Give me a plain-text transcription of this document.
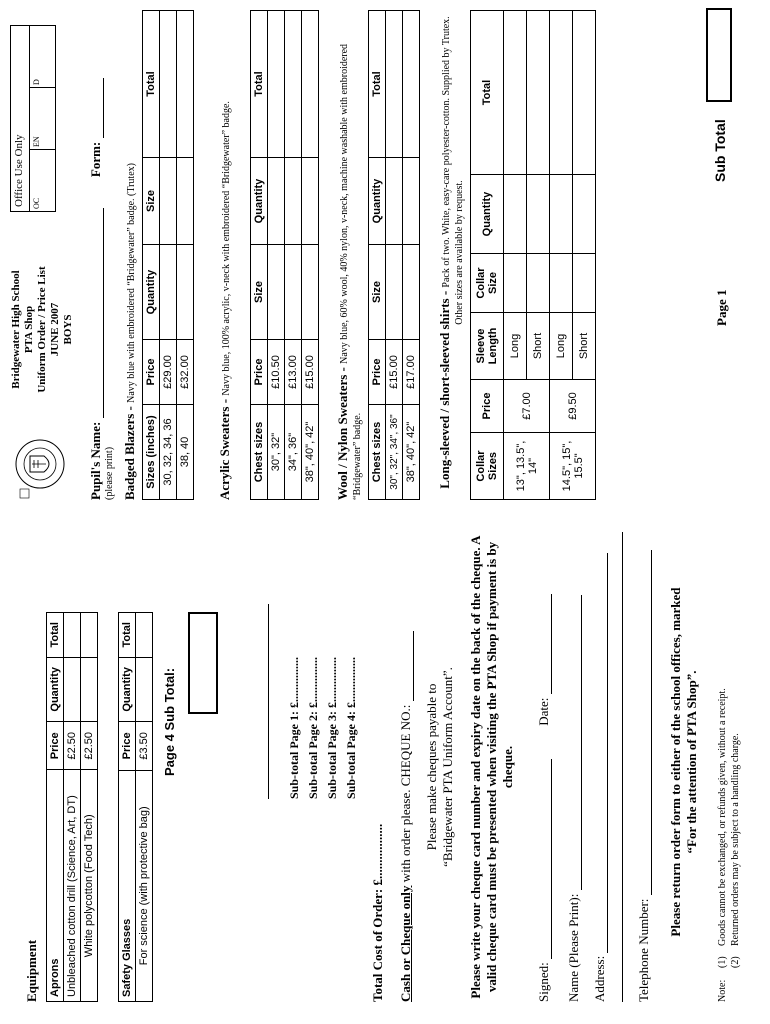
Equipment Aprons	Price	Quantity	Total
Unbleached cotton drill (Science, Art, DT)	£2.50		
White polycotton (Food Tech)	£2.50		
Safety Glasses	Price	Quantity	Total
For science (with protective bag)	£3.50		Page 4 Sub Total:	Sub-total Page 1: £............... Sub-total Page 2: £............... Sub-total Page 3: £............... Sub-total Page 4: £...............
Total Cost of Order: £................. Cash or Cheque only with order please. CHEQUE NO.: Please make cheques payable to “Bridgewater PTA Uniform Account”. Please write your cheque card number and expiry date on the back of the cheque. A valid cheque card must be presented when visiting the PTA Shop if payment is by cheque.
Signed:  Date:
Name (Please Print): Address: Telephone Number:
Please return order form to either of the school offices, marked “For the attention of PTA Shop”.
Note:(1)Goods cannot be exchanged, or refunds given, without a receipt.
(2)Returned orders may be subject to a handling charge.
Bridgewater High School PTA Shop Uniform Order / Price List JUNE 2007 BOYS
Office Use Only OC
EN
D
Pupil's Name:  Form:
(please print) Badged Blazers - Navy blue with embroidered “Bridgewater” badge. (Trutex)
Sizes (inches)	Price	Quantity	Size	Total
30, 32, 34, 36	£29.00			
38, 40	£32.00			
Acrylic Sweaters - Navy blue, 100% acrylic, v-neck with embroidered “Bridgewater” badge.
Chest sizes	Price	Size	Quantity	Total
30", 32"	£10.50			
34", 36"	£13.00			
38", 40", 42"	£15.00			Wool / Nylon Sweaters - Navy blue, 60% wool, 40% nylon, v-neck, machine washable with embroidered “Bridgewater” badge. Chest sizes	Price	Size	Quantity	Total
30", 32", 34", 36"	£15.00			
38", 40", 42"	£17.00			Long-sleeved / short-sleeved shirts - Pack of two. White, easy-care polyester-cotton. Supplied by Trutex. Other sizes are available by request.
Collar Sizes	Price	Sleeve Length	Collar Size	Quantity	Total
13", 13.5", 14"	£7.00	Long			
		Short			
14.5", 15", 15.5"	£9.50	Long			
		Short			
Page 1
Sub Total
